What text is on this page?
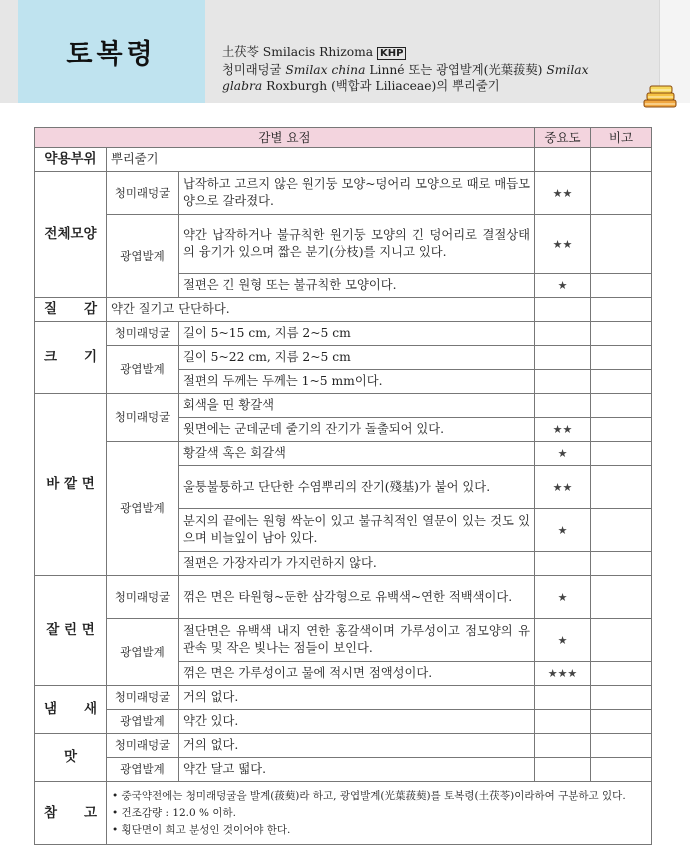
토복령	土茯苓 Smilacis Rhizoma KHP
청미래덩굴 Smilax china Linné 또는 광엽발계(光葉菝葜) Smilax
glabra Roxburgh (백합과 Liliaceae)의 뿌리줄기
감별 요점			중요도	비고
약용부위	뿌리줄기			
전체모양	청미래덩굴	납작하고 고르지 않은 원기둥 모양~덩어리 모양으로 때로 매듭모양으로 갈라졌다.	★★	
	광엽발계	약간 납작하거나 불규칙한 원기둥 모양의 긴 덩어리로 결절상태의 융기가 있으며 짧은 분기(分枝)를 지니고 있다.	★★	
		절편은 긴 원형 또는 불규칙한 모양이다.	★	
질　　감	약간 질기고 단단하다.			
크　　기	청미래덩굴	길이 5~15 cm, 지름 2~5 cm		
	광엽발계	길이 5~22 cm, 지름 2~5 cm		
		절편의 두께는 두께는 1~5 mm이다.		
바 깥 면	청미래덩굴	회색을 띤 황갈색		
		윗면에는 군데군데 줄기의 잔기가 돌출되어 있다.	★★	
	광엽발계	황갈색 혹은 회갈색	★	
		울퉁불퉁하고 단단한 수염뿌리의 잔기(殘基)가 붙어 있다.	★★	
		분지의 끝에는 원형 싹눈이 있고 불규칙적인 열문이 있는 것도 있으며 비늘잎이 남아 있다.	★	
		절편은 가장자리가 가지런하지 않다.		
잘 린 면	청미래덩굴	꺾은 면은 타원형~둔한 삼각형으로 유백색~연한 적백색이다.	★	
	광엽발계	절단면은 유백색 내지 연한 홍갈색이며 가루성이고 점모양의 유관속 및 작은 빛나는 점들이 보인다.	★	
		꺾은 면은 가루성이고 물에 적시면 점액성이다.	★★★	
냄　　새	청미래덩굴	거의 없다.		
	광엽발계	약간 있다.		
맛	청미래덩굴	거의 없다.		
	광엽발계	약간 달고 떫다.		
참　　고	• 중국약전에는 청미래덩굴을 발계(菝葜)라 하고, 광엽발계(光葉菝葜)를 토복령(土茯苓)이라하여 구분하고 있다.
• 건조감량 : 12.0 % 이하.
• 횡단면이 희고 분성인 것이어야 한다.			
